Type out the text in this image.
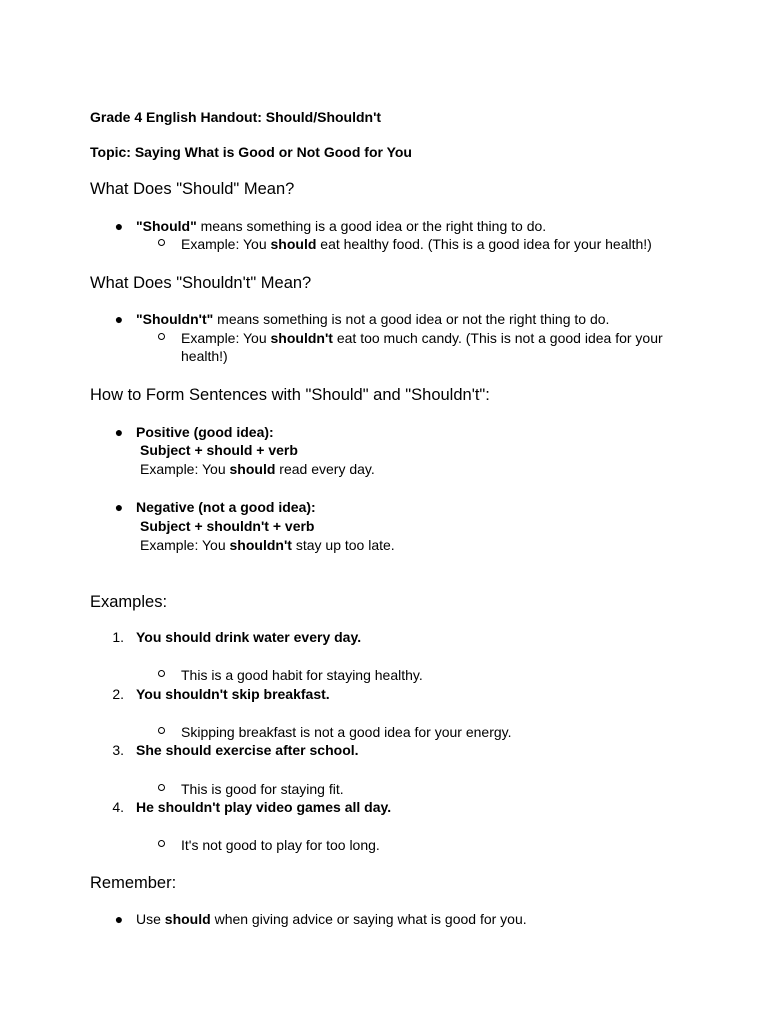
Grade 4 English Handout: Should/Shouldn't
Topic: Saying What is Good or Not Good for You
What Does "Should" Mean?
● "Should" means something is a good idea or the right thing to do.
Example: You should eat healthy food. (This is a good idea for your health!)
What Does "Shouldn't" Mean?
● "Shouldn't" means something is not a good idea or not the right thing to do.
Example: You shouldn't eat too much candy. (This is not a good idea for your
health!)
How to Form Sentences with "Should" and "Shouldn't":
● Positive (good idea):
Subject + should + verb
Example: You should read every day.
● Negative (not a good idea):
Subject + shouldn't + verb
Example: You shouldn't stay up too late.
Examples:
1. You should drink water every day.
This is a good habit for staying healthy.
2. You shouldn't skip breakfast.
Skipping breakfast is not a good idea for your energy.
3. She should exercise after school.
This is good for staying fit.
4. He shouldn't play video games all day.
It's not good to play for too long.
Remember:
● Use should when giving advice or saying what is good for you.
